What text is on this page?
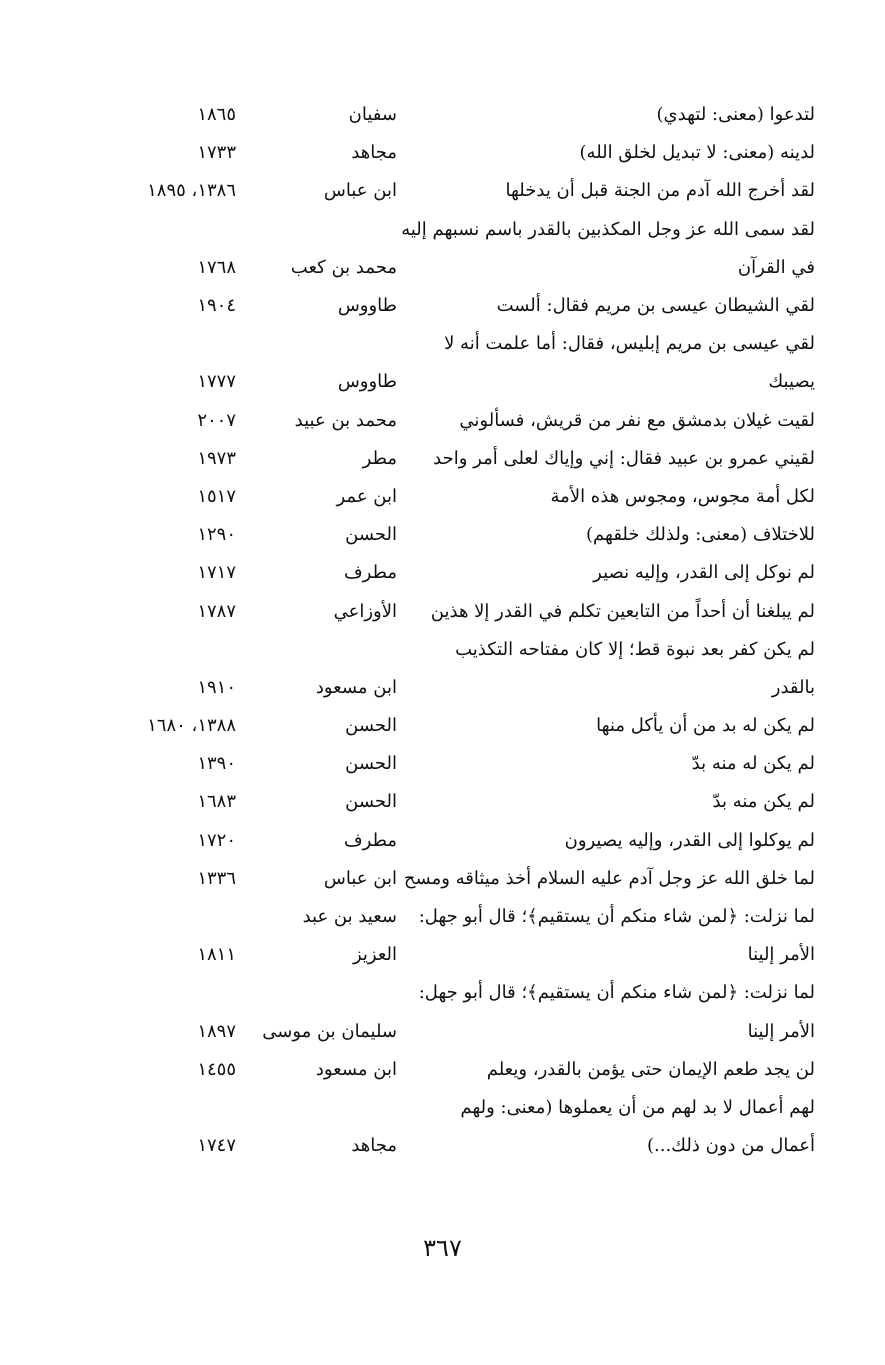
لتدعوا (معنى: لتهدي)
سفيان
١٨٦٥
لدينه (معنى: لا تبديل لخلق الله)
مجاهد
١٧٣٣
لقد أخرج الله آدم من الجنة قبل أن يدخلها
ابن عباس
١٣٨٦، ١٨٩٥
لقد سمى الله عز وجل المكذبين بالقدر باسم نسبهم إليه
في القرآن
محمد بن كعب
١٧٦٨
لقي الشيطان عيسى بن مريم فقال: ألست
طاووس
١٩٠٤
لقي عيسى بن مريم إبليس، فقال: أما علمت أنه لا
يصيبك
طاووس
١٧٧٧
لقيت غيلان بدمشق مع نفر من قريش، فسألوني
محمد بن عبيد
٢٠٠٧
لقيني عمرو بن عبيد فقال: إني وإياك لعلى أمر واحد
مطر
١٩٧٣
لكل أمة مجوس، ومجوس هذه الأمة
ابن عمر
١٥١٧
للاختلاف (معنى: ولذلك خلقهم)
الحسن
١٢٩٠
لم نوكل إلى القدر، وإليه نصير
مطرف
١٧١٧
لم يبلغنا أن أحداً من التابعين تكلم في القدر إلا هذين
الأوزاعي
١٧٨٧
لم يكن كفر بعد نبوة قط؛ إلا كان مفتاحه التكذيب
بالقدر
ابن مسعود
١٩١٠
لم يكن له بد من أن يأكل منها
الحسن
١٣٨٨، ١٦٨٠
لم يكن له منه بدّ
الحسن
١٣٩٠
لم يكن منه بدّ
الحسن
١٦٨٣
لم يوكلوا إلى القدر، وإليه يصيرون
مطرف
١٧٢٠
لما خلق الله عز وجل آدم عليه السلام أخذ ميثاقه ومسح
ابن عباس
١٣٣٦
لما نزلت: ﴿لمن شاء منكم أن يستقيم﴾؛ قال أبو جهل:
سعيد بن عبد
الأمر إلينا
العزيز
١٨١١
لما نزلت: ﴿لمن شاء منكم أن يستقيم﴾؛ قال أبو جهل:
الأمر إلينا
سليمان بن موسى
١٨٩٧
لن يجد طعم الإيمان حتى يؤمن بالقدر، ويعلم
ابن مسعود
١٤٥٥
لهم أعمال لا بد لهم من أن يعملوها (معنى: ولهم
أعمال من دون ذلك...)
مجاهد
١٧٤٧
٣٦٧
